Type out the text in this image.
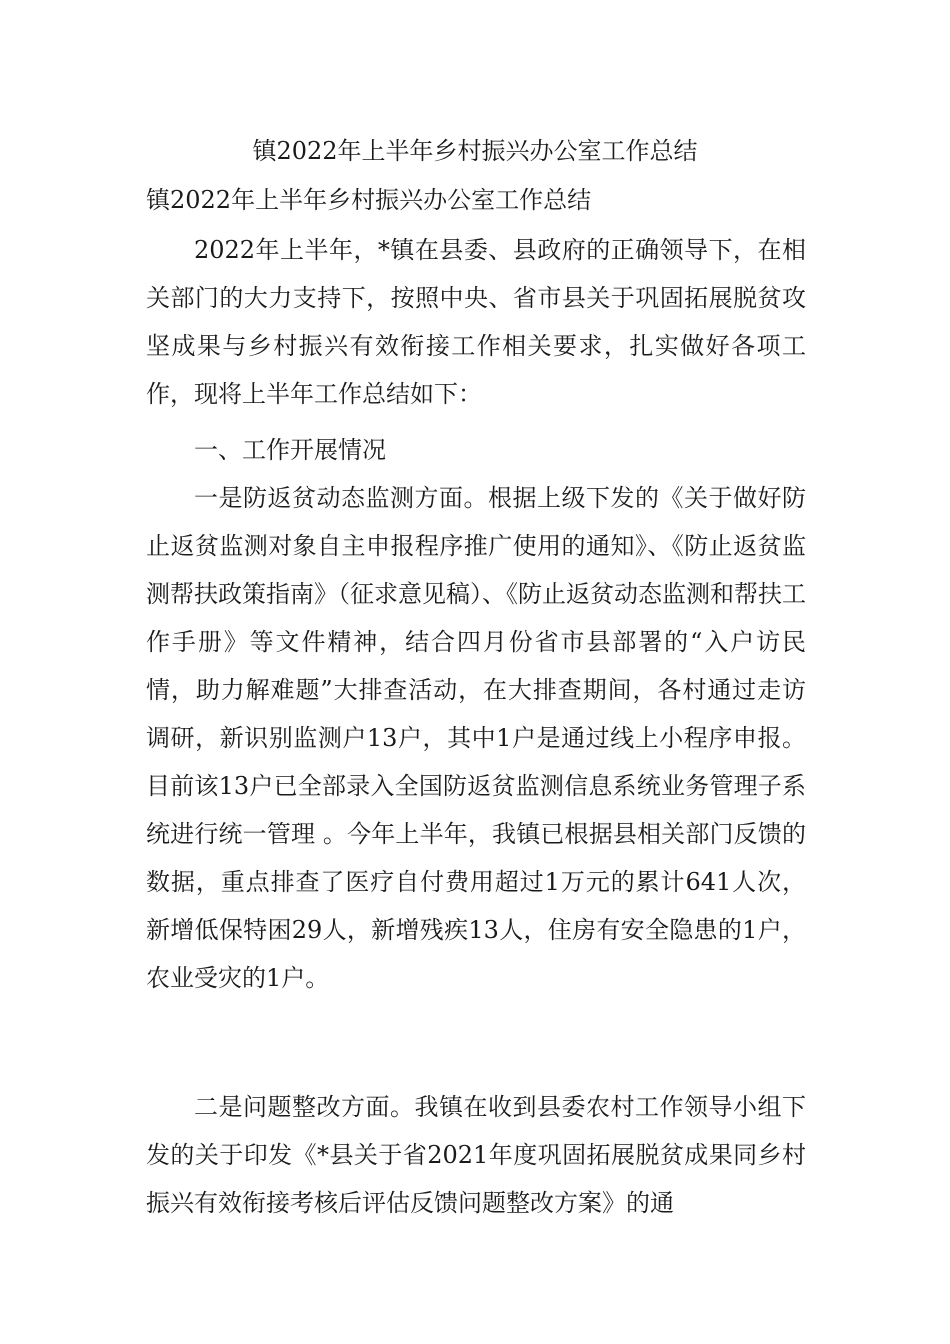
镇2022年上半年乡村振兴办公室工作总结
镇2022年上半年乡村振兴办公室工作总结

2022年上半年，*镇在县委、县政府的正确领导下，在相关部门的大力支持下，按照中央、省市县关于巩固拓展脱贫攻坚成果与乡村振兴有效衔接工作相关要求，扎实做好各项工作，现将上半年工作总结如下：

一、工作开展情况

一是防返贫动态监测方面。根据上级下发的《关于做好防止返贫监测对象自主申报程序推广使用的通知》、《防止返贫监测帮扶政策指南》（征求意见稿）、《防止返贫动态监测和帮扶工作手册》等文件精神，结合四月份省市县部署的“入户访民情，助力解难题”大排查活动，在大排查期间，各村通过走访调研，新识别监测户13户，其中1户是通过线上小程序申报。目前该13户已全部录入全国防返贫监测信息系统业务管理子系统进行统一管理 。今年上半年，我镇已根据县相关部门反馈的数据，重点排查了医疗自付费用超过1万元的累计641人次，新增低保特困29人，新增残疾13人，住房有安全隐患的1户，农业受灾的1户。

二是问题整改方面。我镇在收到县委农村工作领导小组下发的关于印发《*县关于省2021年度巩固拓展脱贫成果同乡村振兴有效衔接考核后评估反馈问题整改方案》的通
